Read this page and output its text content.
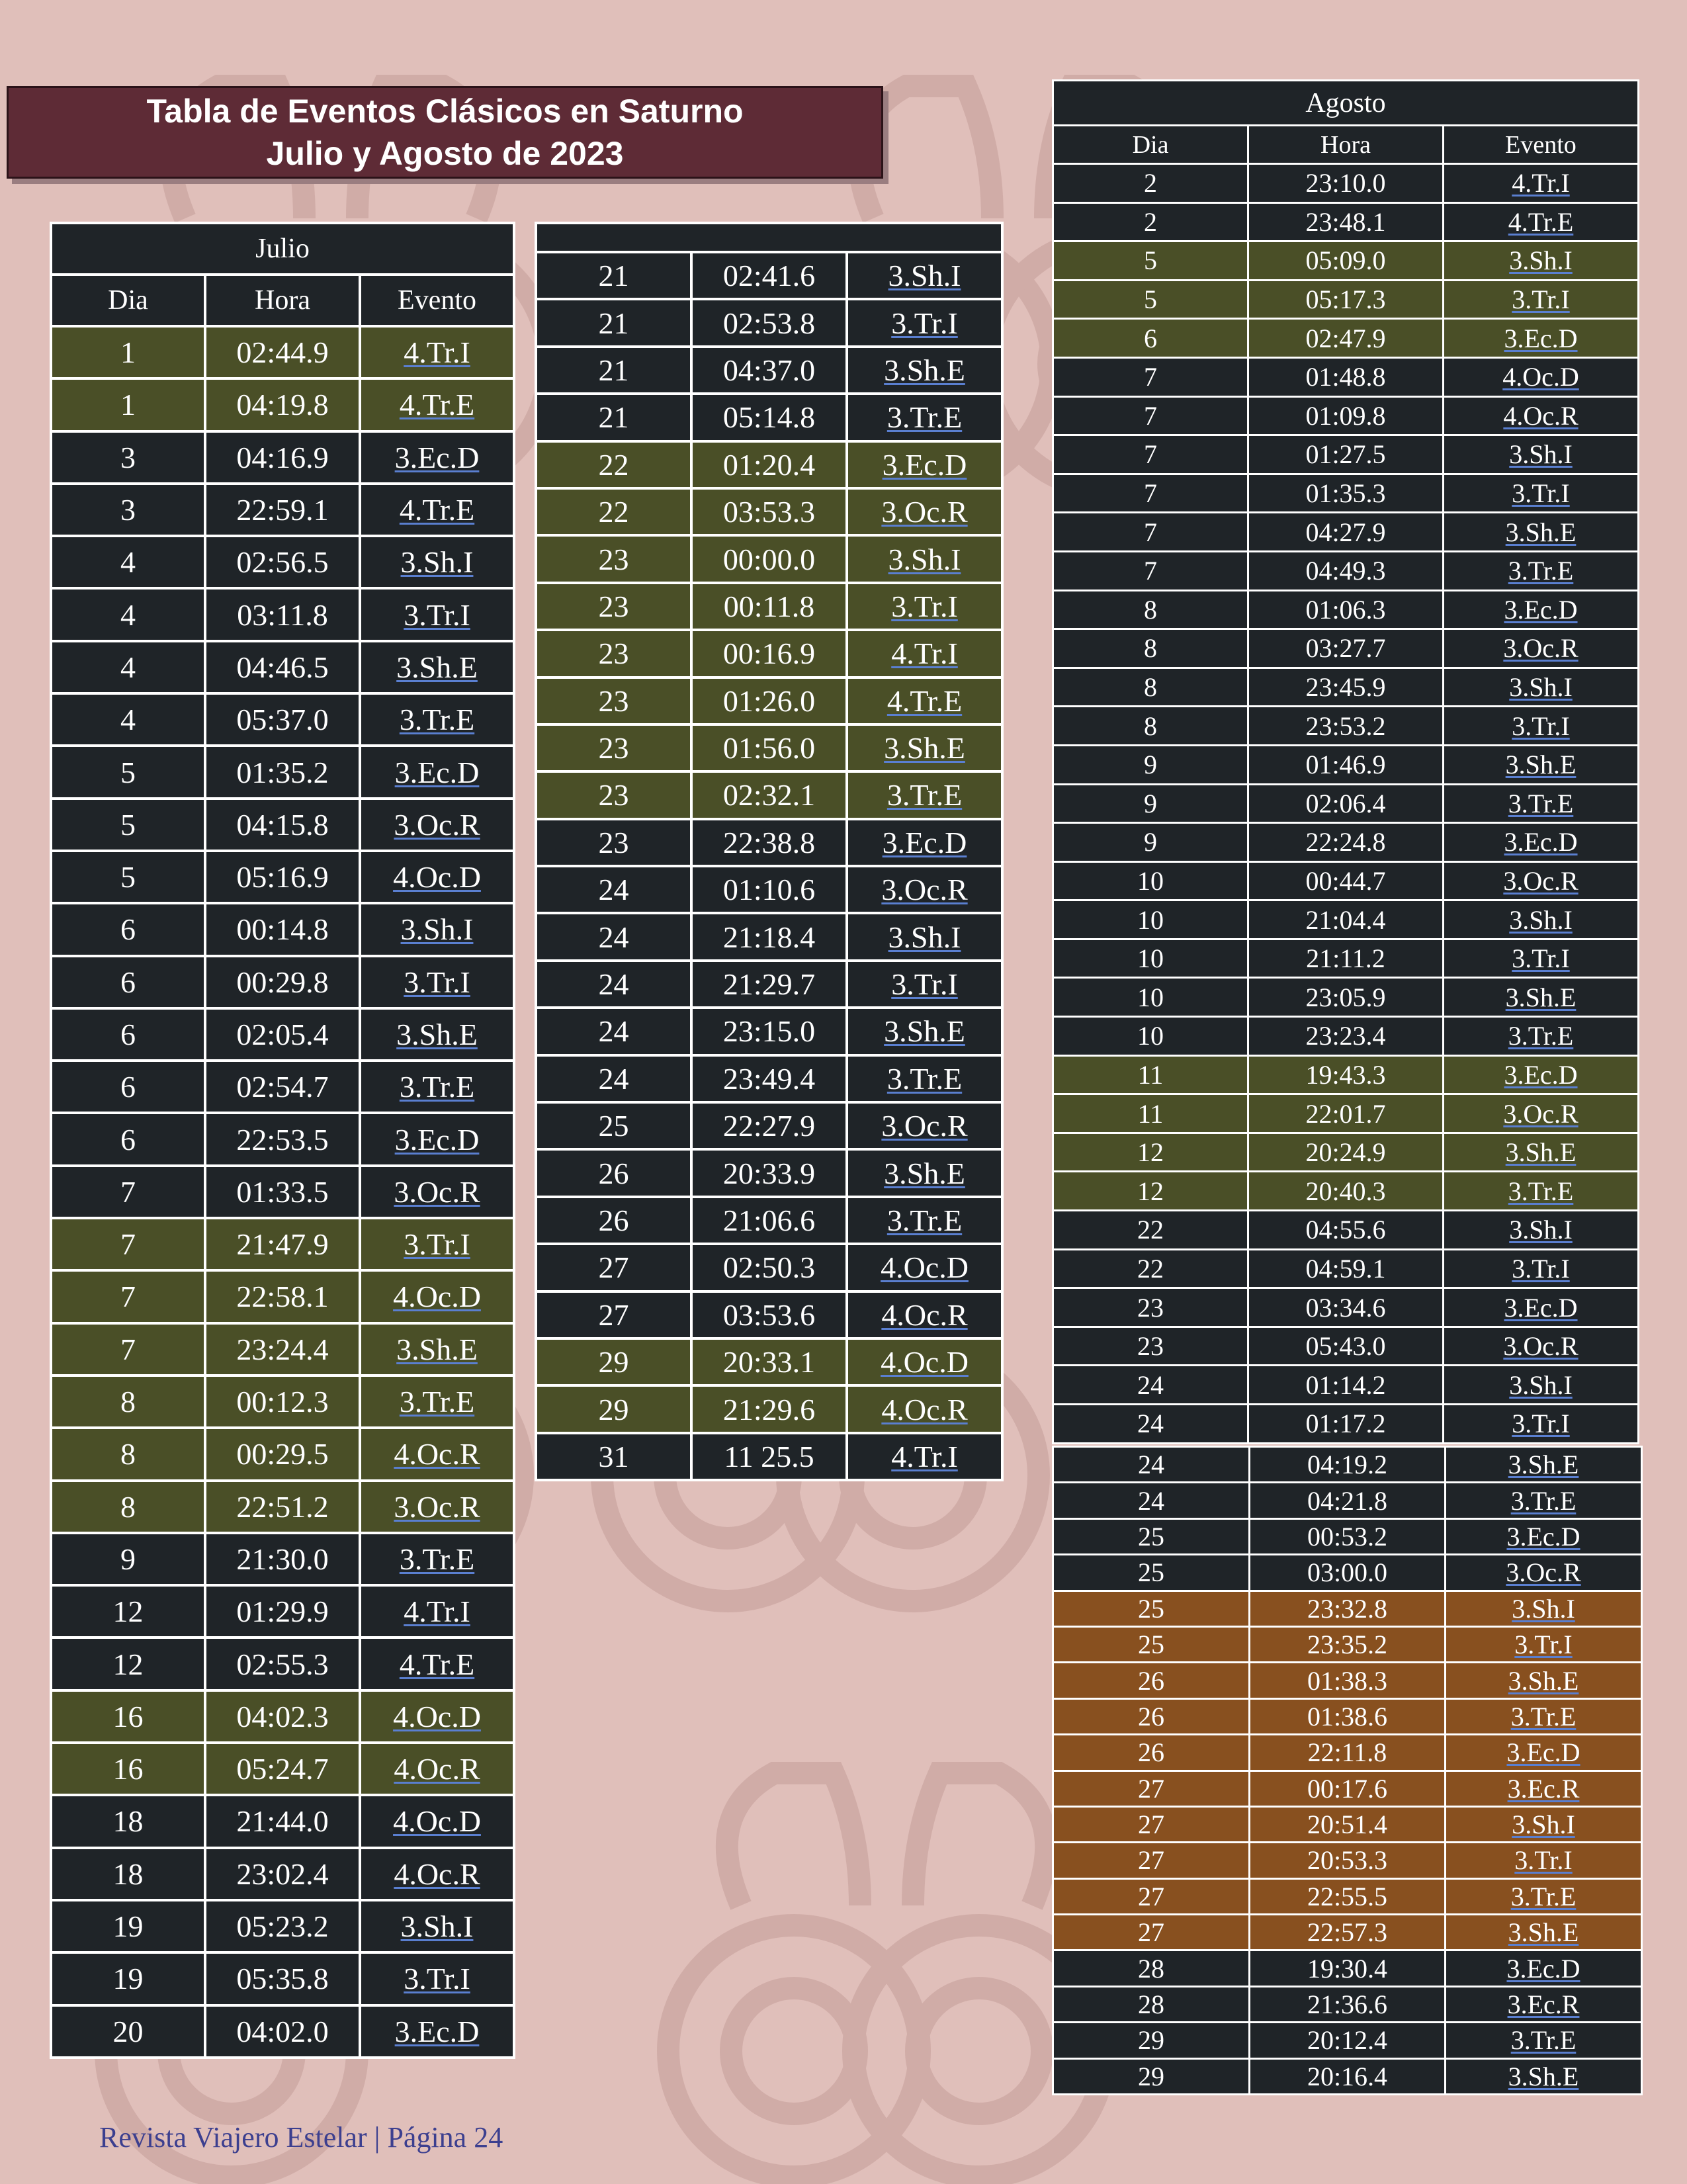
Tabla de Eventos Clásicos en Saturno
Julio y Agosto de 2023
Julio		
Dia	Hora	Evento
1	02:44.9	4.Tr.I
1	04:19.8	4.Tr.E
3	04:16.9	3.Ec.D
3	22:59.1	4.Tr.E
4	02:56.5	3.Sh.I
4	03:11.8	3.Tr.I
4	04:46.5	3.Sh.E
4	05:37.0	3.Tr.E
5	01:35.2	3.Ec.D
5	04:15.8	3.Oc.R
5	05:16.9	4.Oc.D
6	00:14.8	3.Sh.I
6	00:29.8	3.Tr.I
6	02:05.4	3.Sh.E
6	02:54.7	3.Tr.E
6	22:53.5	3.Ec.D
7	01:33.5	3.Oc.R
7	21:47.9	3.Tr.I
7	22:58.1	4.Oc.D
7	23:24.4	3.Sh.E
8	00:12.3	3.Tr.E
8	00:29.5	4.Oc.R
8	22:51.2	3.Oc.R
9	21:30.0	3.Tr.E
12	01:29.9	4.Tr.I
12	02:55.3	4.Tr.E
16	04:02.3	4.Oc.D
16	05:24.7	4.Oc.R
18	21:44.0	4.Oc.D
18	23:02.4	4.Oc.R
19	05:23.2	3.Sh.I
19	05:35.8	3.Tr.I
20	04:02.0	3.Ec.D

21	02:41.6	3.Sh.I
21	02:53.8	3.Tr.I
21	04:37.0	3.Sh.E
21	05:14.8	3.Tr.E
22	01:20.4	3.Ec.D
22	03:53.3	3.Oc.R
23	00:00.0	3.Sh.I
23	00:11.8	3.Tr.I
23	00:16.9	4.Tr.I
23	01:26.0	4.Tr.E
23	01:56.0	3.Sh.E
23	02:32.1	3.Tr.E
23	22:38.8	3.Ec.D
24	01:10.6	3.Oc.R
24	21:18.4	3.Sh.I
24	21:29.7	3.Tr.I
24	23:15.0	3.Sh.E
24	23:49.4	3.Tr.E
25	22:27.9	3.Oc.R
26	20:33.9	3.Sh.E
26	21:06.6	3.Tr.E
27	02:50.3	4.Oc.D
27	03:53.6	4.Oc.R
29	20:33.1	4.Oc.D
29	21:29.6	4.Oc.R
31	11 25.5	4.Tr.I
Agosto		
Dia	Hora	Evento
2	23:10.0	4.Tr.I
2	23:48.1	4.Tr.E
5	05:09.0	3.Sh.I
5	05:17.3	3.Tr.I
6	02:47.9	3.Ec.D
7	01:48.8	4.Oc.D
7	01:09.8	4.Oc.R
7	01:27.5	3.Sh.I
7	01:35.3	3.Tr.I
7	04:27.9	3.Sh.E
7	04:49.3	3.Tr.E
8	01:06.3	3.Ec.D
8	03:27.7	3.Oc.R
8	23:45.9	3.Sh.I
8	23:53.2	3.Tr.I
9	01:46.9	3.Sh.E
9	02:06.4	3.Tr.E
9	22:24.8	3.Ec.D
10	00:44.7	3.Oc.R
10	21:04.4	3.Sh.I
10	21:11.2	3.Tr.I
10	23:05.9	3.Sh.E
10	23:23.4	3.Tr.E
11	19:43.3	3.Ec.D
11	22:01.7	3.Oc.R
12	20:24.9	3.Sh.E
12	20:40.3	3.Tr.E
22	04:55.6	3.Sh.I
22	04:59.1	3.Tr.I
23	03:34.6	3.Ec.D
23	05:43.0	3.Oc.R
24	01:14.2	3.Sh.I
24	01:17.2	3.Tr.I
24	04:19.2	3.Sh.E
24	04:21.8	3.Tr.E
25	00:53.2	3.Ec.D
25	03:00.0	3.Oc.R
25	23:32.8	3.Sh.I
25	23:35.2	3.Tr.I
26	01:38.3	3.Sh.E
26	01:38.6	3.Tr.E
26	22:11.8	3.Ec.D
27	00:17.6	3.Ec.R
27	20:51.4	3.Sh.I
27	20:53.3	3.Tr.I
27	22:55.5	3.Tr.E
27	22:57.3	3.Sh.E
28	19:30.4	3.Ec.D
28	21:36.6	3.Ec.R
29	20:12.4	3.Tr.E
29	20:16.4	3.Sh.E
Revista Viajero Estelar | Página 24
